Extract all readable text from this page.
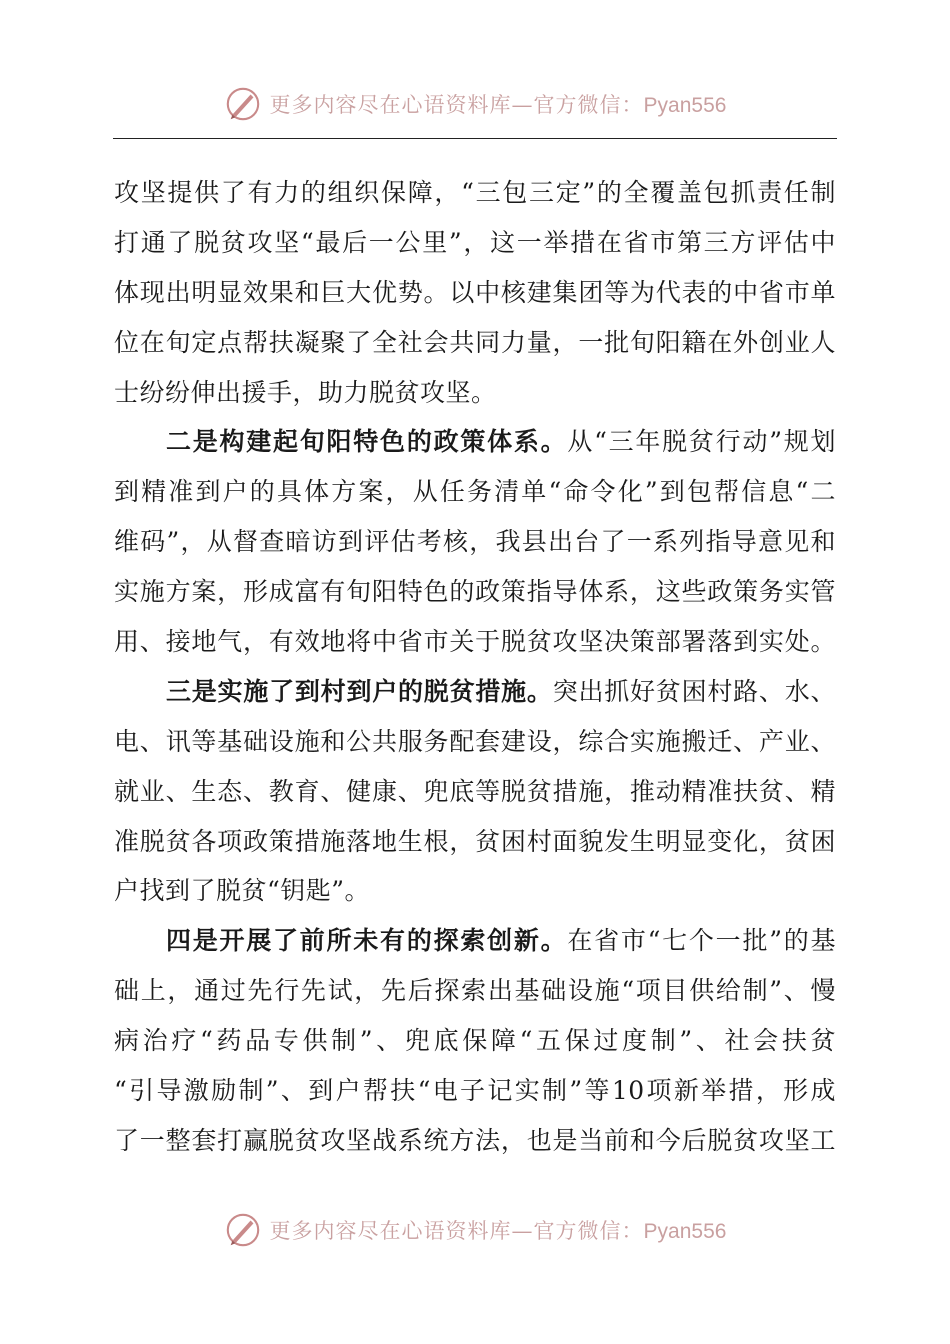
更多内容尽在心语资料库—官方微信：Pyan556
攻坚提供了有力的组织保障，“三包三定”的全覆盖包抓责任制
打通了脱贫攻坚“最后一公里”，这一举措在省市第三方评估中
体现出明显效果和巨大优势。以中核建集团等为代表的中省市单
位在旬定点帮扶凝聚了全社会共同力量，一批旬阳籍在外创业人
士纷纷伸出援手，助力脱贫攻坚。
二是构建起旬阳特色的政策体系。从“三年脱贫行动”规划
到精准到户的具体方案，从任务清单“命令化”到包帮信息“二
维码”，从督查暗访到评估考核，我县出台了一系列指导意见和
实施方案，形成富有旬阳特色的政策指导体系，这些政策务实管
用、接地气，有效地将中省市关于脱贫攻坚决策部署落到实处。
三是实施了到村到户的脱贫措施。突出抓好贫困村路、水、
电、讯等基础设施和公共服务配套建设，综合实施搬迁、产业、
就业、生态、教育、健康、兜底等脱贫措施，推动精准扶贫、精
准脱贫各项政策措施落地生根，贫困村面貌发生明显变化，贫困
户找到了脱贫“钥匙”。
四是开展了前所未有的探索创新。在省市“七个一批”的基
础上，通过先行先试，先后探索出基础设施“项目供给制”、慢
病治疗“药品专供制”、兜底保障“五保过度制”、社会扶贫
“引导激励制”、到户帮扶“电子记实制”等10项新举措，形成
了一整套打赢脱贫攻坚战系统方法，也是当前和今后脱贫攻坚工
更多内容尽在心语资料库—官方微信：Pyan556
